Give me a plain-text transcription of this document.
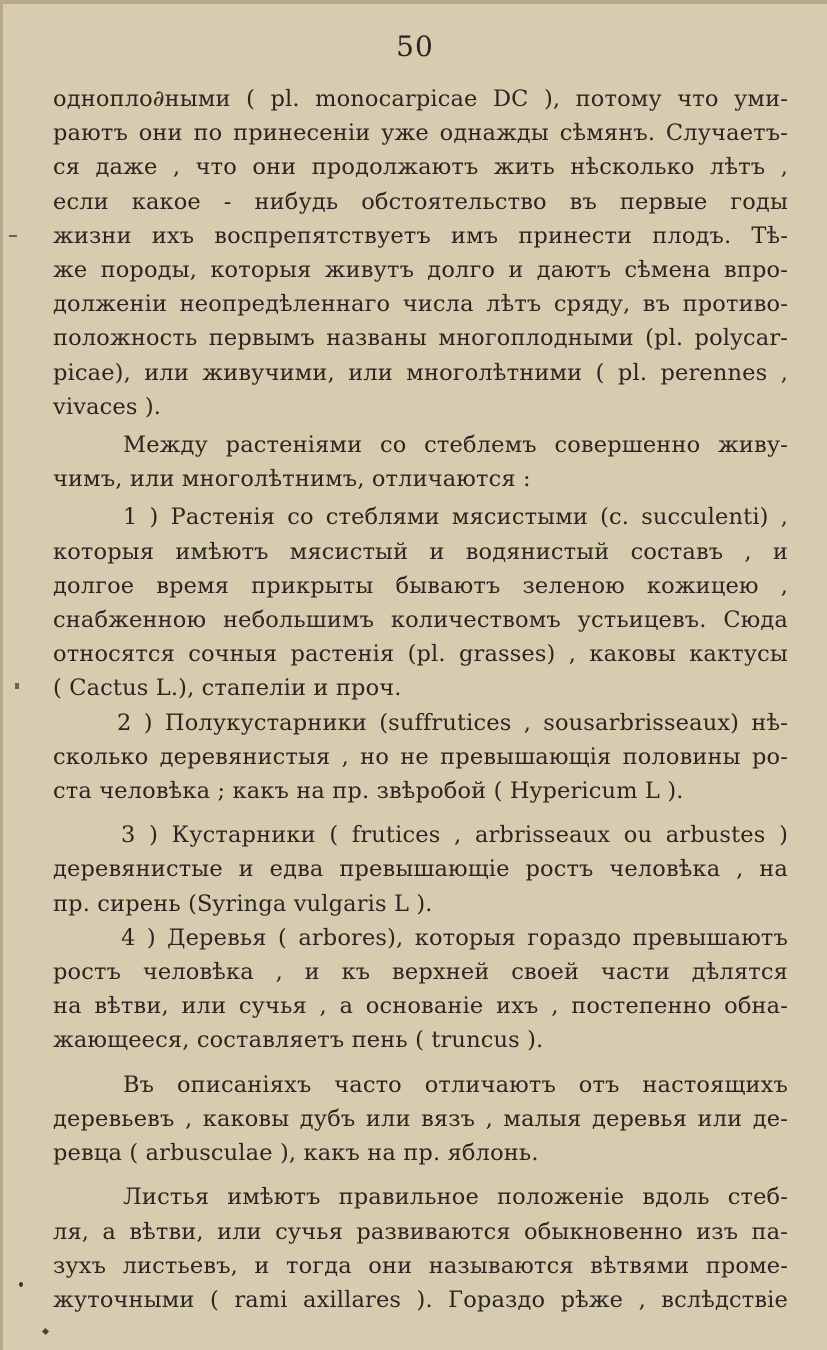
50
однопло∂ными ( pl. monocarpicae DC ), потому что уми-
раютъ они по принесенiи уже однажды сѣмянъ. Случаетъ-
ся даже , что они продолжаютъ жить нѣсколько лѣтъ ,
если какое - нибудь обстоятельство въ первые годы
жизни ихъ воспрепятствуетъ имъ принести плодъ. Тѣ-
же породы, которыя живутъ долго и даютъ сѣмена впро-
долженiи неопредѣленнаго числа лѣтъ сряду, въ противо-
положность первымъ названы многоплодными (pl. polycar-
picae), или живучими, или многолѣтними ( pl. perennes ,
vivaces ).
Между растенiями со стеблемъ совершенно живу-
чимъ, или многолѣтнимъ, отличаются :
1 ) Растенiя со стеблями мясистыми (с. succulenti) ,
которыя имѣютъ мясистый и водянистый составъ , и
долгое время прикрыты бываютъ зеленою кожицею ,
снабженною небольшимъ количествомъ устьицевъ. Сюда
относятся сочныя растенiя (pl. grasses) , каковы кактусы
( Cactus L.), стапелiи и проч.
2 ) Полукустарники (suffrutices , sousarbrisseaux) нѣ-
сколько деревянистыя , но не превышающiя половины ро-
ста человѣка ; какъ на пр. звѣробой ( Hypericum L ).
3 ) Кустарники ( frutices , arbrisseaux ou arbustes )
деревянистые и едва превышающiе ростъ человѣка , на
пр. сирень (Syringa vulgaris L ).
4 ) Деревья ( arbores), которыя гораздо превышаютъ
ростъ человѣка , и къ верхней своей части дѣлятся
на вѣтви, или сучья , а основанiе ихъ , постепенно обна-
жающееся, составляетъ пень ( truncus ).
Въ описанiяхъ часто отличаютъ отъ настоящихъ
деревьевъ , каковы дубъ или вязъ , малыя деревья или де-
ревца ( arbusculae ), какъ на пр. яблонь.
Листья имѣютъ правильное положенiе вдоль стеб-
ля, а вѣтви, или сучья развиваются обыкновенно изъ па-
зухъ листьевъ, и тогда они называются вѣтвями проме-
жуточными ( rami axillares ). Гораздо рѣже , вслѣдствiе
